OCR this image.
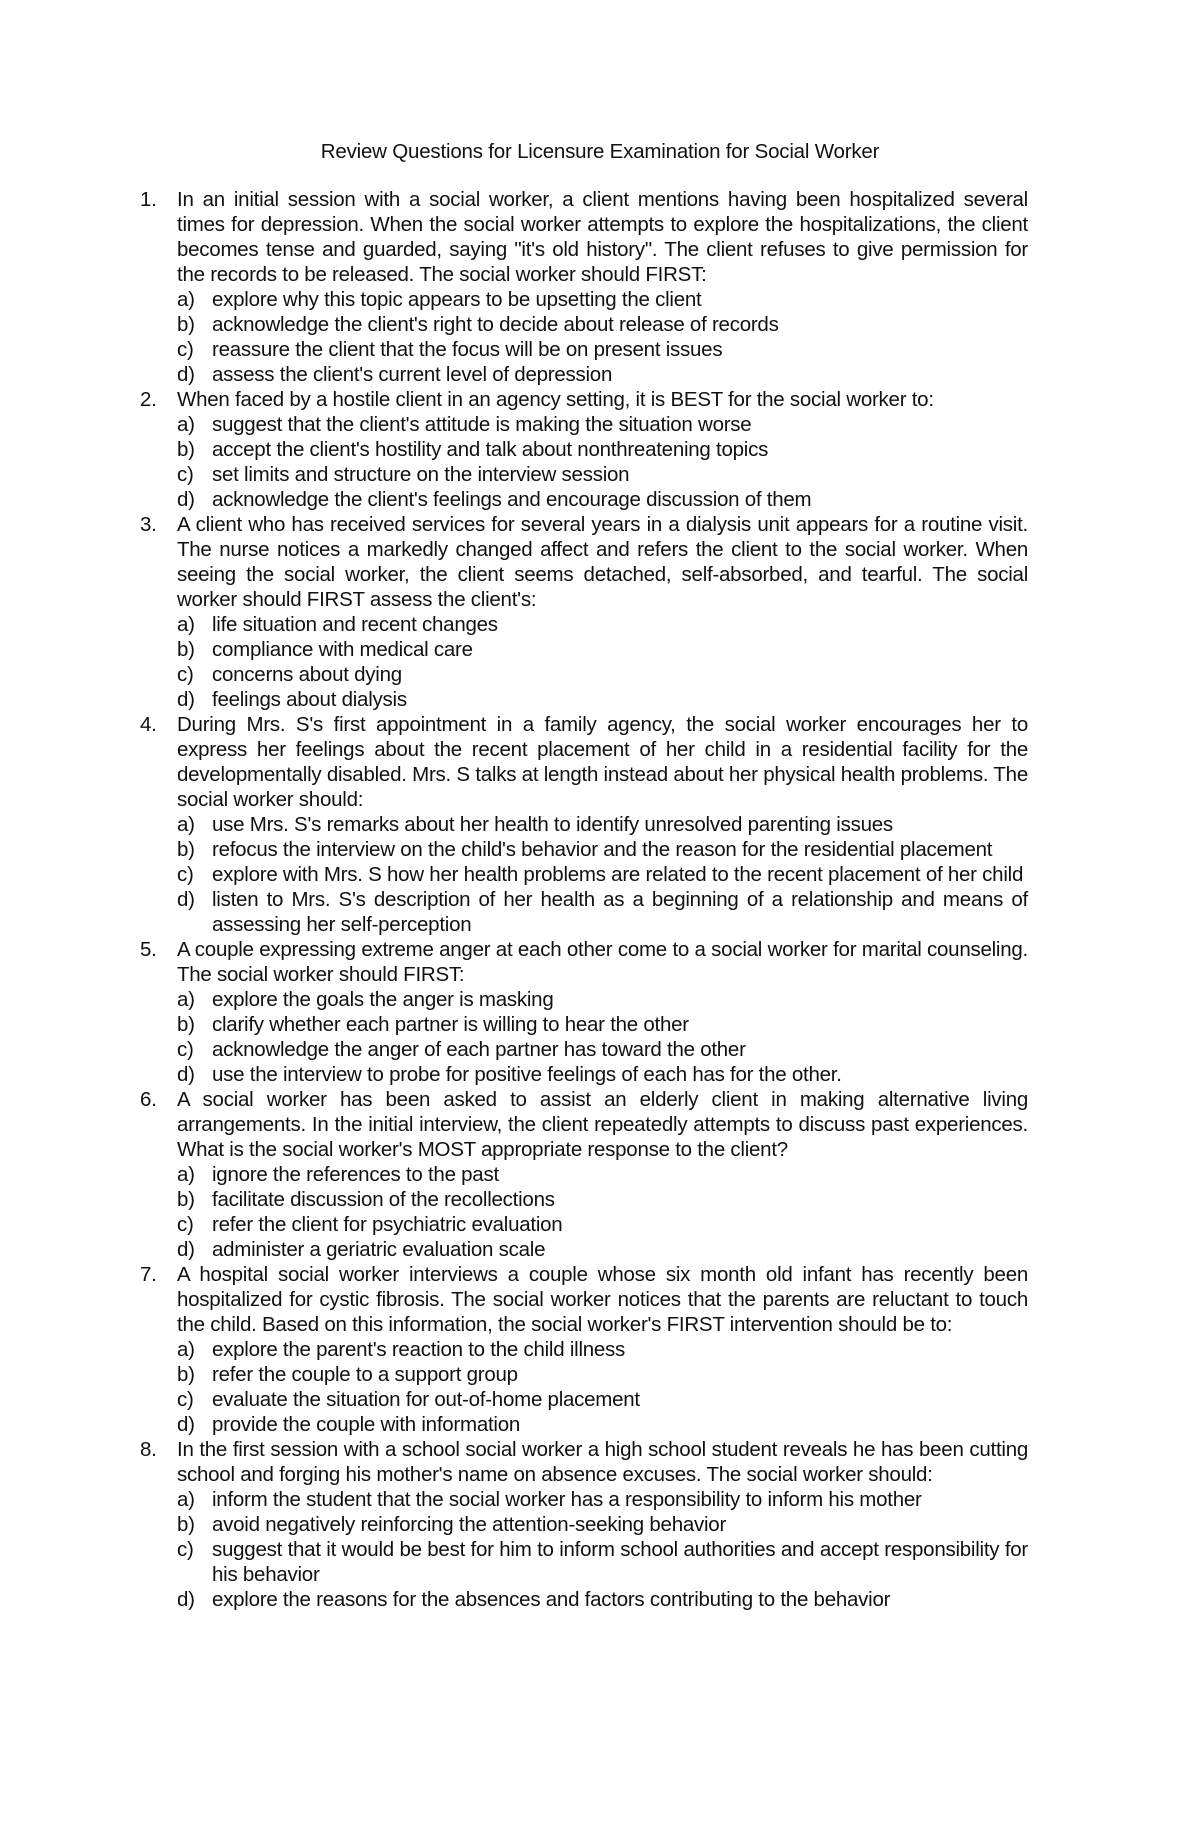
Review Questions for Licensure Examination for Social Worker
1. In an initial session with a social worker, a client mentions having been hospitalized several times for depression. When the social worker attempts to explore the hospitalizations, the client becomes tense and guarded, saying "it's old history". The client refuses to give permission for the records to be released. The social worker should FIRST:
a) explore why this topic appears to be upsetting the client
b) acknowledge the client's right to decide about release of records
c) reassure the client that the focus will be on present issues
d) assess the client's current level of depression
2. When faced by a hostile client in an agency setting, it is BEST for the social worker to:
a) suggest that the client's attitude is making the situation worse
b) accept the client's hostility and talk about nonthreatening topics
c) set limits and structure on the interview session
d) acknowledge the client's feelings and encourage discussion of them
3. A client who has received services for several years in a dialysis unit appears for a routine visit. The nurse notices a markedly changed affect and refers the client to the social worker. When seeing the social worker, the client seems detached, self-absorbed, and tearful. The social worker should FIRST assess the client's:
a) life situation and recent changes
b) compliance with medical care
c) concerns about dying
d) feelings about dialysis
4. During Mrs. S's first appointment in a family agency, the social worker encourages her to express her feelings about the recent placement of her child in a residential facility for the developmentally disabled. Mrs. S talks at length instead about her physical health problems. The social worker should:
a) use Mrs. S's remarks about her health to identify unresolved parenting issues
b) refocus the interview on the child's behavior and the reason for the residential placement
c) explore with Mrs. S how her health problems are related to the recent placement of her child
d) listen to Mrs. S's description of her health as a beginning of a relationship and means of assessing her self-perception
5. A couple expressing extreme anger at each other come to a social worker for marital counseling. The social worker should FIRST:
a) explore the goals the anger is masking
b) clarify whether each partner is willing to hear the other
c) acknowledge the anger of each partner has toward the other
d) use the interview to probe for positive feelings of each has for the other.
6. A social worker has been asked to assist an elderly client in making alternative living arrangements. In the initial interview, the client repeatedly attempts to discuss past experiences. What is the social worker's MOST appropriate response to the client?
a) ignore the references to the past
b) facilitate discussion of the recollections
c) refer the client for psychiatric evaluation
d) administer a geriatric evaluation scale
7. A hospital social worker interviews a couple whose six month old infant has recently been hospitalized for cystic fibrosis. The social worker notices that the parents are reluctant to touch the child. Based on this information, the social worker's FIRST intervention should be to:
a) explore the parent's reaction to the child illness
b) refer the couple to a support group
c) evaluate the situation for out-of-home placement
d) provide the couple with information
8. In the first session with a school social worker a high school student reveals he has been cutting school and forging his mother's name on absence excuses. The social worker should:
a) inform the student that the social worker has a responsibility to inform his mother
b) avoid negatively reinforcing the attention-seeking behavior
c) suggest that it would be best for him to inform school authorities and accept responsibility for his behavior
d) explore the reasons for the absences and factors contributing to the behavior
